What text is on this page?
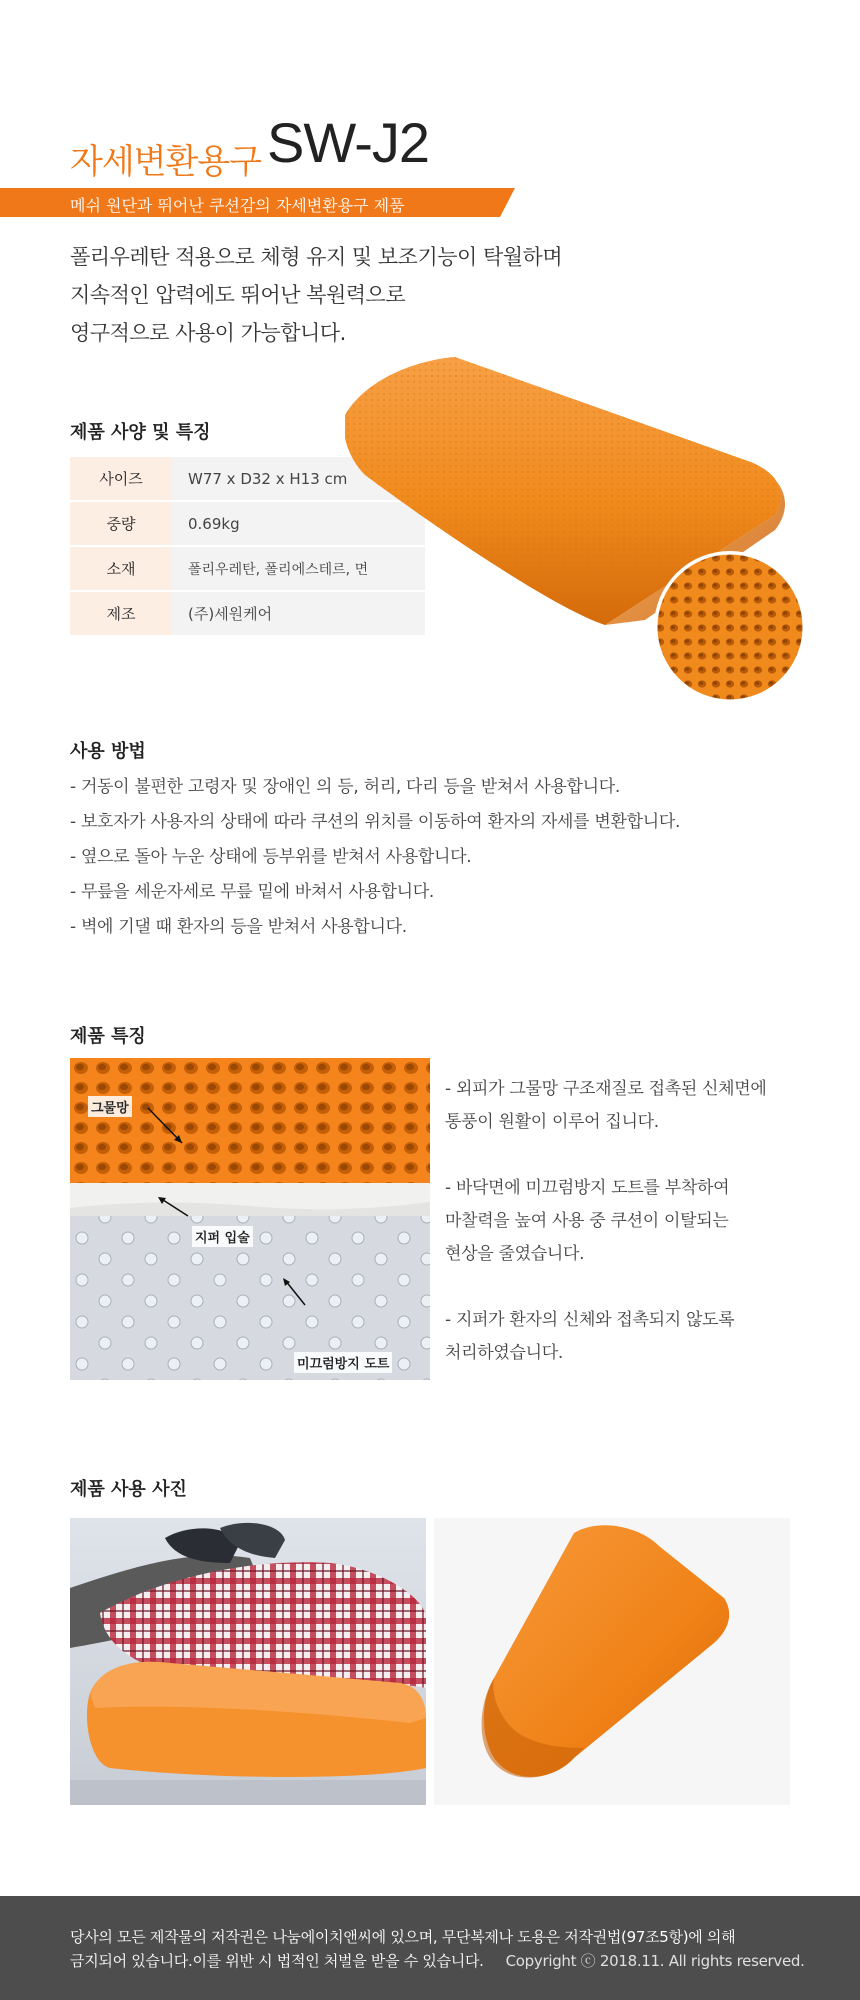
자세변환용구 SW-J2
메쉬 원단과 뛰어난 쿠션감의 자세변환용구 제품

폴리우레탄 적용으로 체형 유지 및 보조기능이 탁월하며

지속적인 압력에도 뛰어난 복원력으로

영구적으로 사용이 가능합니다.

제품 사양 및 특징
사이즈	W77 x D32 x H13 cm
중량	0.69kg
소재	폴리우레탄, 폴리에스테르, 면
제조	(주)세원케어
사용 방법
- 거동이 불편한 고령자 및 장애인 의 등, 허리, 다리 등을 받쳐서 사용합니다.
- 보호자가 사용자의 상태에 따라 쿠션의 위치를 이동하여 환자의 자세를 변환합니다.
- 옆으로 돌아 누운 상태에 등부위를 받쳐서 사용합니다.
- 무릎을 세운자세로 무릎 밑에 바쳐서 사용합니다.
- 벽에 기댈 때 환자의 등을 받쳐서 사용합니다.
제품 특징
그물망
지퍼 입술
미끄럼방지 도트

- 외피가 그물망 구조재질로 접촉된 신체면에

통풍이 원활이 이루어 집니다.

- 바닥면에 미끄럼방지 도트를 부착하여

마찰력을 높여 사용 중 쿠션이 이탈되는

현상을 줄였습니다.

- 지퍼가 환자의 신체와 접촉되지 않도록

처리하였습니다.

제품 사용 사진

당사의 모든 제작물의 저작권은 나눔에이치앤씨에 있으며, 무단복제나 도용은 저작권법(97조5항)에 의해

금지되어 있습니다.이를 위반 시 법적인 처벌을 받을 수 있습니다. Copyright ⓒ 2018.11. All rights reserved.
